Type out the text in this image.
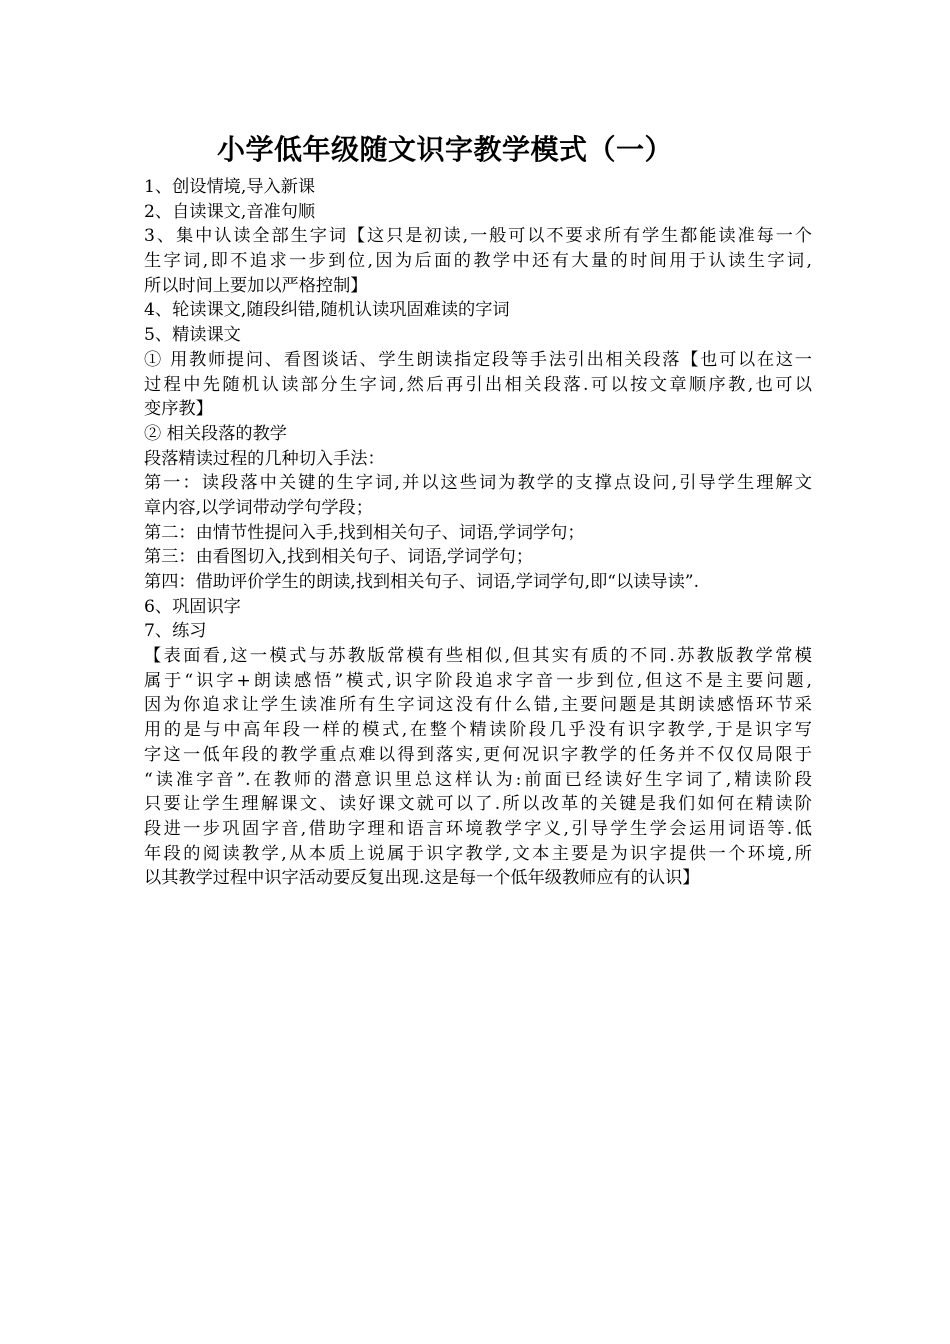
小学低年级随文识字教学模式（一）
1、创设情境,导入新课
2、自读课文,音准句顺
3、集中认读全部生字词【这只是初读,一般可以不要求所有学生都能读准每一个
生字词,即不追求一步到位,因为后面的教学中还有大量的时间用于认读生字词,
所以时间上要加以严格控制】
4、轮读课文,随段纠错,随机认读巩固难读的字词
5、精读课文
① 用教师提问、看图谈话、学生朗读指定段等手法引出相关段落【也可以在这一
过程中先随机认读部分生字词,然后再引出相关段落.可以按文章顺序教,也可以
变序教】
② 相关段落的教学
段落精读过程的几种切入手法：
第一：读段落中关键的生字词,并以这些词为教学的支撑点设问,引导学生理解文
章内容,以学词带动学句学段；
第二：由情节性提问入手,找到相关句子、词语,学词学句；
第三：由看图切入,找到相关句子、词语,学词学句；
第四：借助评价学生的朗读,找到相关句子、词语,学词学句,即“以读导读”.
6、巩固识字
7、练习
【表面看,这一模式与苏教版常模有些相似,但其实有质的不同.苏教版教学常模
属于“识字+朗读感悟”模式,识字阶段追求字音一步到位,但这不是主要问题,
因为你追求让学生读准所有生字词这没有什么错,主要问题是其朗读感悟环节采
用的是与中高年段一样的模式,在整个精读阶段几乎没有识字教学,于是识字写
字这一低年段的教学重点难以得到落实,更何况识字教学的任务并不仅仅局限于
“读准字音”.在教师的潜意识里总这样认为:前面已经读好生字词了,精读阶段
只要让学生理解课文、读好课文就可以了.所以改革的关键是我们如何在精读阶
段进一步巩固字音,借助字理和语言环境教学字义,引导学生学会运用词语等.低
年段的阅读教学,从本质上说属于识字教学,文本主要是为识字提供一个环境,所
以其教学过程中识字活动要反复出现.这是每一个低年级教师应有的认识】
